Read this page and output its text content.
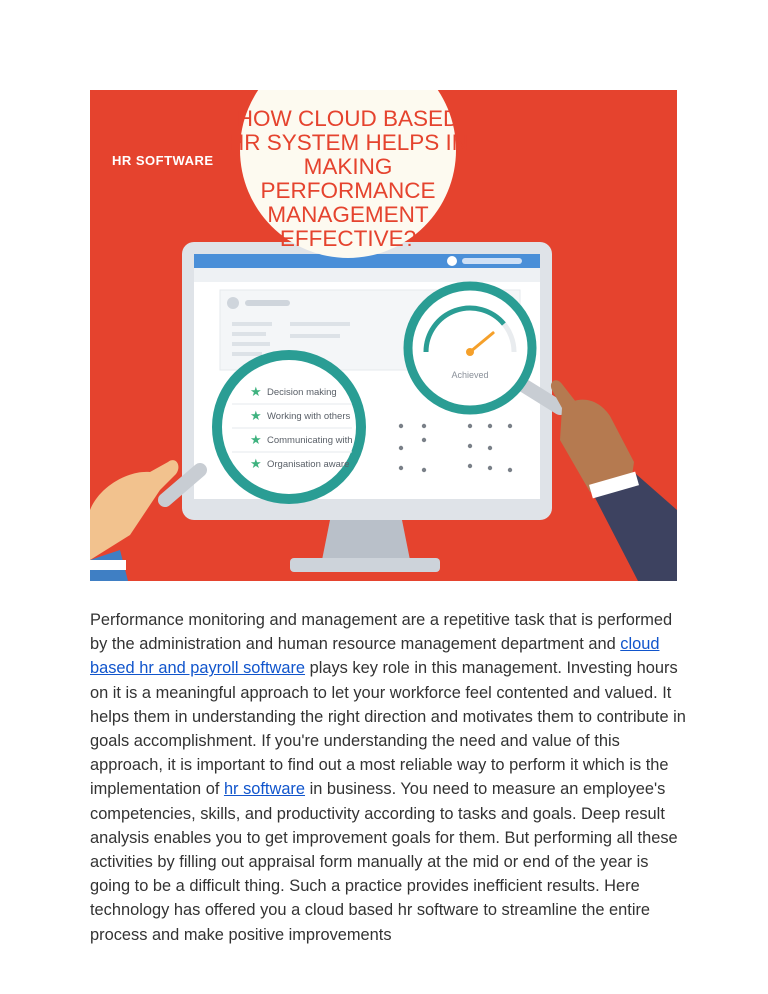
HR SOFTWARE
HOW CLOUD BASED
HR SYSTEM HELPS IN
MAKING
PERFORMANCE
MANAGEMENT
EFFECTIVE?
Achieved
★ Decision making
★ Working with others
★ Communicating with
★ Organisation aware

Performance monitoring and management are a repetitive task that is performed by the administration and human resource management department and cloud based hr and payroll software plays key role in this management. Investing hours on it is a meaningful approach to let your workforce feel contented and valued. It helps them in understanding the right direction and motivates them to contribute in goals accomplishment. If you're understanding the need and value of this approach, it is important to find out a most reliable way to perform it which is the implementation of hr software in business. You need to measure an employee's competencies, skills, and productivity according to tasks and goals. Deep result analysis enables you to get improvement goals for them. But performing all these activities by filling out appraisal form manually at the mid or end of the year is going to be a difficult thing. Such a practice provides inefficient results. Here technology has offered you a cloud based hr software to streamline the entire process and make positive improvements
